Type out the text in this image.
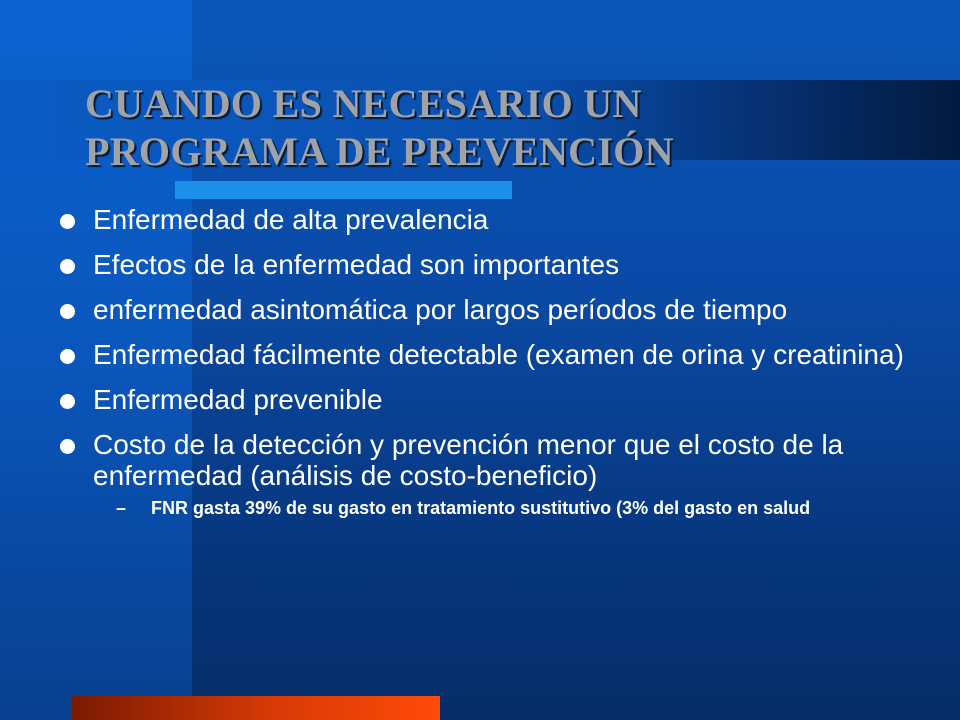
CUANDO ES NECESARIO UN
PROGRAMA DE PREVENCIÓN
Enfermedad de alta prevalencia
Efectos de la enfermedad son importantes
enfermedad asintomática por largos períodos de tiempo
Enfermedad fácilmente detectable (examen de orina y creatinina)
Enfermedad prevenible
Costo de la detección y prevención menor que el costo de la enfermedad (análisis de costo-beneficio)
– FNR gasta 39% de su gasto en tratamiento sustitutivo (3% del gasto en salud
